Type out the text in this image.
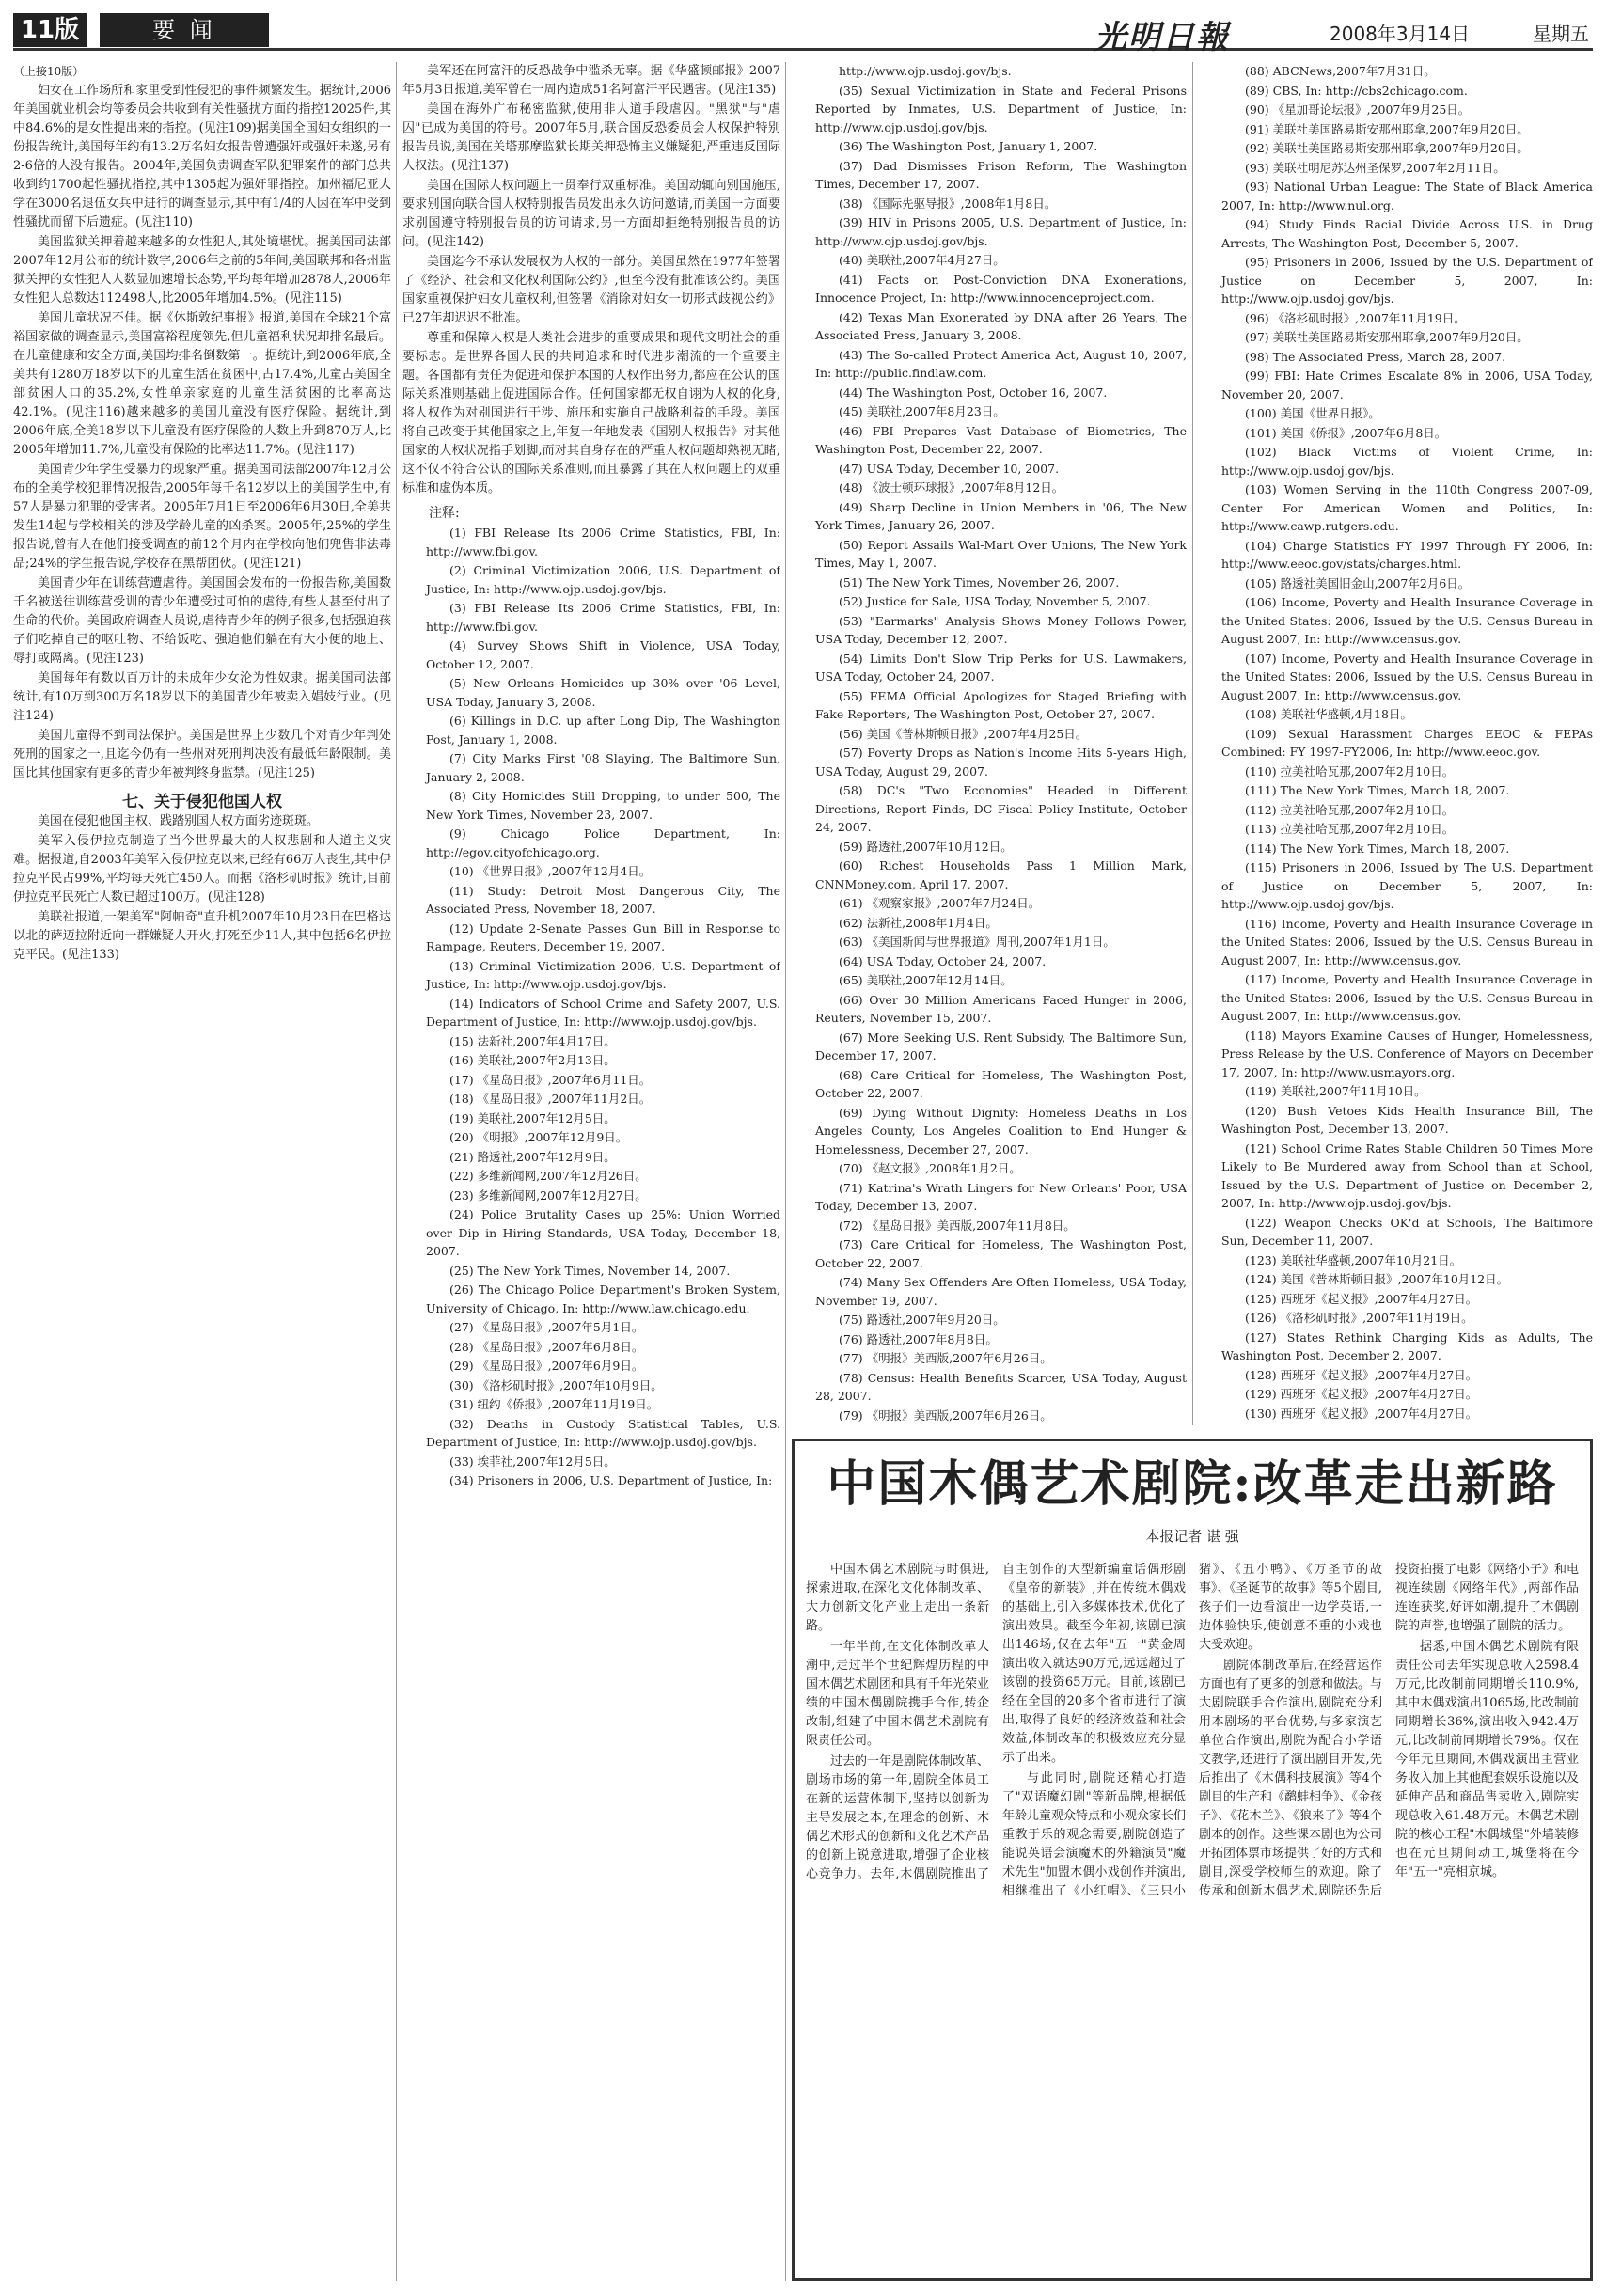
11版	要 闻	光明日報	2008年3月14日	星期五

（上接10版）

妇女在工作场所和家里受到性侵犯的事件频繁发生。据统计,2006年美国就业机会均等委员会共收到有关性骚扰方面的指控12025件,其中84.6%的是女性提出来的指控。(见注109)据美国全国妇女组织的一份报告统计,美国每年约有13.2万名妇女报告曾遭强奸或强奸未遂,另有2-6倍的人没有报告。2004年,美国负责调查军队犯罪案件的部门总共收到约1700起性骚扰指控,其中1305起为强奸罪指控。加州福尼亚大学在3000名退伍女兵中进行的调查显示,其中有1/4的人因在军中受到性骚扰而留下后遗症。(见注110)

美国监狱关押着越来越多的女性犯人,其处境堪忧。据美国司法部2007年12月公布的统计数字,2006年之前的5年间,美国联邦和各州监狱关押的女性犯人人数显加速增长态势,平均每年增加2878人,2006年女性犯人总数达112498人,比2005年增加4.5%。(见注115)

美国儿童状况不佳。据《休斯敦纪事报》报道,美国在全球21个富裕国家做的调查显示,美国富裕程度领先,但儿童福利状况却排名最后。在儿童健康和安全方面,美国均排名倒数第一。据统计,到2006年底,全美共有1280万18岁以下的儿童生活在贫困中,占17.4%,儿童占美国全部贫困人口的35.2%,女性单亲家庭的儿童生活贫困的比率高达42.1%。(见注116)越来越多的美国儿童没有医疗保险。据统计,到2006年底,全美18岁以下儿童没有医疗保险的人数上升到870万人,比2005年增加11.7%,儿童没有保险的比率达11.7%。(见注117)

美国青少年学生受暴力的现象严重。据美国司法部2007年12月公布的全美学校犯罪情况报告,2005年每千名12岁以上的美国学生中,有57人是暴力犯罪的受害者。2005年7月1日至2006年6月30日,全美共发生14起与学校相关的涉及学龄儿童的凶杀案。2005年,25%的学生报告说,曾有人在他们接受调查的前12个月内在学校向他们兜售非法毒品;24%的学生报告说,学校存在黑帮团伙。(见注121)

美国青少年在训练营遭虐待。美国国会发布的一份报告称,美国数千名被送往训练营受训的青少年遭受过可怕的虐待,有些人甚至付出了生命的代价。美国政府调查人员说,虐待青少年的例子很多,包括强迫孩子们吃掉自己的呕吐物、不给饭吃、强迫他们躺在有大小便的地上、辱打或隔离。(见注123)

美国每年有数以百万计的未成年少女沦为性奴隶。据美国司法部统计,有10万到300万名18岁以下的美国青少年被卖入娼妓行业。(见注124)

美国儿童得不到司法保护。美国是世界上少数几个对青少年判处死刑的国家之一,且迄今仍有一些州对死刑判决没有最低年龄限制。美国比其他国家有更多的青少年被判终身监禁。(见注125)

七、关于侵犯他国人权

美国在侵犯他国主权、践踏别国人权方面劣迹斑斑。

美军入侵伊拉克制造了当今世界最大的人权悲剧和人道主义灾难。据报道,自2003年美军入侵伊拉克以来,已经有66万人丧生,其中伊拉克平民占99%,平均每天死亡450人。而据《洛杉矶时报》统计,目前伊拉克平民死亡人数已超过100万。(见注128)

美联社报道,一架美军"阿帕奇"直升机2007年10月23日在巴格达以北的萨迈拉附近向一群嫌疑人开火,打死至少11人,其中包括6名伊拉克平民。(见注133)

美军还在阿富汗的反恐战争中滥杀无辜。据《华盛顿邮报》2007年5月3日报道,美军曾在一周内造成51名阿富汗平民遇害。(见注135)

美国在海外广布秘密监狱,使用非人道手段虐囚。"黑狱"与"虐囚"已成为美国的符号。2007年5月,联合国反恐委员会人权保护特别报告员说,美国在关塔那摩监狱长期关押恐怖主义嫌疑犯,严重违反国际人权法。(见注137)

美国在国际人权问题上一贯奉行双重标准。美国动辄向别国施压,要求别国向联合国人权特别报告员发出永久访问邀请,而美国一方面要求别国遵守特别报告员的访问请求,另一方面却拒绝特别报告员的访问。(见注142)

美国迄今不承认发展权为人权的一部分。美国虽然在1977年签署了《经济、社会和文化权利国际公约》,但至今没有批准该公约。美国国家重视保护妇女儿童权利,但签署《消除对妇女一切形式歧视公约》已27年却迟迟不批准。

尊重和保障人权是人类社会进步的重要成果和现代文明社会的重要标志。是世界各国人民的共同追求和时代进步潮流的一个重要主题。各国都有责任为促进和保护本国的人权作出努力,都应在公认的国际关系准则基础上促进国际合作。任何国家都无权自诩为人权的化身,将人权作为对别国进行干涉、施压和实施自己战略利益的手段。美国将自己改变于其他国家之上,年复一年地发表《国别人权报告》对其他国家的人权状况指手划脚,而对其自身存在的严重人权问题却熟视无睹,这不仅不符合公认的国际关系准则,而且暴露了其在人权问题上的双重标准和虚伪本质。

注释:

(1) FBI Release Its 2006 Crime Statistics, FBI, In: http://www.fbi.gov.

(2) Criminal Victimization 2006, U.S. Department of Justice, In: http://www.ojp.usdoj.gov/bjs.

(3) FBI Release Its 2006 Crime Statistics, FBI, In: http://www.fbi.gov.

(4) Survey Shows Shift in Violence, USA Today, October 12, 2007.

(5) New Orleans Homicides up 30% over '06 Level, USA Today, January 3, 2008.

(6) Killings in D.C. up after Long Dip, The Washington Post, January 1, 2008.

(7) City Marks First '08 Slaying, The Baltimore Sun, January 2, 2008.

(8) City Homicides Still Dropping, to under 500, The New York Times, November 23, 2007.

(9) Chicago Police Department, In: http://egov.cityofchicago.org.

(10) 《世界日报》,2007年12月4日。

(11) Study: Detroit Most Dangerous City, The Associated Press, November 18, 2007.

(12) Update 2-Senate Passes Gun Bill in Response to Rampage, Reuters, December 19, 2007.

(13) Criminal Victimization 2006, U.S. Department of Justice, In: http://www.ojp.usdoj.gov/bjs.

(14) Indicators of School Crime and Safety 2007, U.S. Department of Justice, In: http://www.ojp.usdoj.gov/bjs.

(15) 法新社,2007年4月17日。

(16) 美联社,2007年2月13日。

(17) 《星岛日报》,2007年6月11日。

(18) 《星岛日报》,2007年11月2日。

(19) 美联社,2007年12月5日。

(20) 《明报》,2007年12月9日。

(21) 路透社,2007年12月9日。

(22) 多维新闻网,2007年12月26日。

(23) 多维新闻网,2007年12月27日。

(24) Police Brutality Cases up 25%: Union Worried over Dip in Hiring Standards, USA Today, December 18, 2007.

(25) The New York Times, November 14, 2007.

(26) The Chicago Police Department's Broken System, University of Chicago, In: http://www.law.chicago.edu.

(27) 《星岛日报》,2007年5月1日。

(28) 《星岛日报》,2007年6月8日。

(29) 《星岛日报》,2007年6月9日。

(30) 《洛杉矶时报》,2007年10月9日。

(31) 纽约《侨报》,2007年11月19日。

(32) Deaths in Custody Statistical Tables, U.S. Department of Justice, In: http://www.ojp.usdoj.gov/bjs.

(33) 埃菲社,2007年12月5日。

(34) Prisoners in 2006, U.S. Department of Justice, In:

http://www.ojp.usdoj.gov/bjs.

(35) Sexual Victimization in State and Federal Prisons Reported by Inmates, U.S. Department of Justice, In: http://www.ojp.usdoj.gov/bjs.

(36) The Washington Post, January 1, 2007.

(37) Dad Dismisses Prison Reform, The Washington Times, December 17, 2007.

(38) 《国际先驱导报》,2008年1月8日。

(39) HIV in Prisons 2005, U.S. Department of Justice, In: http://www.ojp.usdoj.gov/bjs.

(40) 美联社,2007年4月27日。

(41) Facts on Post-Conviction DNA Exonerations, Innocence Project, In: http://www.innocenceproject.com.

(42) Texas Man Exonerated by DNA after 26 Years, The Associated Press, January 3, 2008.

(43) The So-called Protect America Act, August 10, 2007, In: http://public.findlaw.com.

(44) The Washington Post, October 16, 2007.

(45) 美联社,2007年8月23日。

(46) FBI Prepares Vast Database of Biometrics, The Washington Post, December 22, 2007.

(47) USA Today, December 10, 2007.

(48) 《波士顿环球报》,2007年8月12日。

(49) Sharp Decline in Union Members in '06, The New York Times, January 26, 2007.

(50) Report Assails Wal-Mart Over Unions, The New York Times, May 1, 2007.

(51) The New York Times, November 26, 2007.

(52) Justice for Sale, USA Today, November 5, 2007.

(53) "Earmarks" Analysis Shows Money Follows Power, USA Today, December 12, 2007.

(54) Limits Don't Slow Trip Perks for U.S. Lawmakers, USA Today, October 24, 2007.

(55) FEMA Official Apologizes for Staged Briefing with Fake Reporters, The Washington Post, October 27, 2007.

(56) 美国《普林斯顿日报》,2007年4月25日。

(57) Poverty Drops as Nation's Income Hits 5-years High, USA Today, August 29, 2007.

(58) DC's "Two Economies" Headed in Different Directions, Report Finds, DC Fiscal Policy Institute, October 24, 2007.

(59) 路透社,2007年10月12日。

(60) Richest Households Pass 1 Million Mark, CNNMoney.com, April 17, 2007.

(61) 《观察家报》,2007年7月24日。

(62) 法新社,2008年1月4日。

(63) 《美国新闻与世界报道》周刊,2007年1月1日。

(64) USA Today, October 24, 2007.

(65) 美联社,2007年12月14日。

(66) Over 30 Million Americans Faced Hunger in 2006, Reuters, November 15, 2007.

(67) More Seeking U.S. Rent Subsidy, The Baltimore Sun, December 17, 2007.

(68) Care Critical for Homeless, The Washington Post, October 22, 2007.

(69) Dying Without Dignity: Homeless Deaths in Los Angeles County, Los Angeles Coalition to End Hunger & Homelessness, December 27, 2007.

(70) 《赵文报》,2008年1月2日。

(71) Katrina's Wrath Lingers for New Orleans' Poor, USA Today, December 13, 2007.

(72) 《星岛日报》美西版,2007年11月8日。

(73) Care Critical for Homeless, The Washington Post, October 22, 2007.

(74) Many Sex Offenders Are Often Homeless, USA Today, November 19, 2007.

(75) 路透社,2007年9月20日。

(76) 路透社,2007年8月8日。

(77) 《明报》美西版,2007年6月26日。

(78) Census: Health Benefits Scarcer, USA Today, August 28, 2007.

(79) 《明报》美西版,2007年6月26日。

(88) ABCNews,2007年7月31日。

(89) CBS, In: http://cbs2chicago.com.

(90) 《星加哥论坛报》,2007年9月25日。

(91) 美联社美国路易斯安那州耶拿,2007年9月20日。

(92) 美联社美国路易斯安那州耶拿,2007年9月20日。

(93) 美联社明尼苏达州圣保罗,2007年2月11日。

(93) National Urban League: The State of Black America 2007, In: http://www.nul.org.

(94) Study Finds Racial Divide Across U.S. in Drug Arrests, The Washington Post, December 5, 2007.

(95) Prisoners in 2006, Issued by the U.S. Department of Justice on December 5, 2007, In: http://www.ojp.usdoj.gov/bjs.

(96) 《洛杉矶时报》,2007年11月19日。

(97) 美联社美国路易斯安那州耶拿,2007年9月20日。

(98) The Associated Press, March 28, 2007.

(99) FBI: Hate Crimes Escalate 8% in 2006, USA Today, November 20, 2007.

(100) 美国《世界日报》。

(101) 美国《侨报》,2007年6月8日。

(102) Black Victims of Violent Crime, In: http://www.ojp.usdoj.gov/bjs.

(103) Women Serving in the 110th Congress 2007-09, Center For American Women and Politics, In: http://www.cawp.rutgers.edu.

(104) Charge Statistics FY 1997 Through FY 2006, In: http://www.eeoc.gov/stats/charges.html.

(105) 路透社美国旧金山,2007年2月6日。

(106) Income, Poverty and Health Insurance Coverage in the United States: 2006, Issued by the U.S. Census Bureau in August 2007, In: http://www.census.gov.

(107) Income, Poverty and Health Insurance Coverage in the United States: 2006, Issued by the U.S. Census Bureau in August 2007, In: http://www.census.gov.

(108) 美联社华盛顿,4月18日。

(109) Sexual Harassment Charges EEOC & FEPAs Combined: FY 1997-FY2006, In: http://www.eeoc.gov.

(110) 拉美社哈瓦那,2007年2月10日。

(111) The New York Times, March 18, 2007.

(112) 拉美社哈瓦那,2007年2月10日。

(113) 拉美社哈瓦那,2007年2月10日。

(114) The New York Times, March 18, 2007.

(115) Prisoners in 2006, Issued by The U.S. Department of Justice on December 5, 2007, In: http://www.ojp.usdoj.gov/bjs.

(116) Income, Poverty and Health Insurance Coverage in the United States: 2006, Issued by the U.S. Census Bureau in August 2007, In: http://www.census.gov.

(117) Income, Poverty and Health Insurance Coverage in the United States: 2006, Issued by the U.S. Census Bureau in August 2007, In: http://www.census.gov.

(118) Mayors Examine Causes of Hunger, Homelessness, Press Release by the U.S. Conference of Mayors on December 17, 2007, In: http://www.usmayors.org.

(119) 美联社,2007年11月10日。

(120) Bush Vetoes Kids Health Insurance Bill, The Washington Post, December 13, 2007.

(121) School Crime Rates Stable Children 50 Times More Likely to Be Murdered away from School than at School, Issued by the U.S. Department of Justice on December 2, 2007, In: http://www.ojp.usdoj.gov/bjs.

(122) Weapon Checks OK'd at Schools, The Baltimore Sun, December 11, 2007.

(123) 美联社华盛顿,2007年10月21日。

(124) 美国《普林斯顿日报》,2007年10月12日。

(125) 西班牙《起义报》,2007年4月27日。

(126) 《洛杉矶时报》,2007年11月19日。

(127) States Rethink Charging Kids as Adults, The Washington Post, December 2, 2007.

(128) 西班牙《起义报》,2007年4月27日。

(129) 西班牙《起义报》,2007年4月27日。

(130) 西班牙《起义报》,2007年4月27日。

中国木偶艺术剧院:改革走出新路
本报记者 谌 强

中国木偶艺术剧院与时俱进,探索进取,在深化文化体制改革、大力创新文化产业上走出一条新路。

一年半前,在文化体制改革大潮中,走过半个世纪辉煌历程的中国木偶艺术剧团和具有千年光荣业绩的中国木偶剧院携手合作,转企改制,组建了中国木偶艺术剧院有限责任公司。

过去的一年是剧院体制改革、剧场市场的第一年,剧院全体员工在新的运营体制下,坚持以创新为主导发展之本,在理念的创新、木偶艺术形式的创新和文化艺术产品的创新上锐意进取,增强了企业核心竞争力。去年,木偶剧院推出了自主创作的大型新编童话偶形剧《皇帝的新装》,并在传统木偶戏的基础上,引入多媒体技术,优化了演出效果。截至今年初,该剧已演出146场,仅在去年"五一"黄金周演出收入就达90万元,远远超过了该剧的投资65万元。目前,该剧已经在全国的20多个省市进行了演出,取得了良好的经济效益和社会效益,体制改革的积极效应充分显示了出来。

与此同时,剧院还精心打造了"双语魔幻剧"等新品牌,根据低年龄儿童观众特点和小观众家长们重教于乐的观念需要,剧院创造了能说英语会演魔术的外籍演员"魔术先生"加盟木偶小戏创作并演出,相继推出了《小红帽》、《三只小猪》、《丑小鸭》、《万圣节的故事》、《圣诞节的故事》等5个剧目,孩子们一边看演出一边学英语,一边体验快乐,使创意不重的小戏也大受欢迎。

剧院体制改革后,在经营运作方面也有了更多的创意和做法。与大剧院联手合作演出,剧院充分利用本剧场的平台优势,与多家演艺单位合作演出,剧院为配合小学语文教学,还进行了演出剧目开发,先后推出了《木偶科技展演》等4个剧目的生产和《鹬蚌相争》、《金孩子》、《花木兰》、《狼来了》等4个剧本的创作。这些课本剧也为公司开拓团体票市场提供了好的方式和剧目,深受学校师生的欢迎。除了传承和创新木偶艺术,剧院还先后投资拍摄了电影《网络小子》和电视连续剧《网络年代》,两部作品连连获奖,好评如潮,提升了木偶剧院的声誉,也增强了剧院的活力。

据悉,中国木偶艺术剧院有限责任公司去年实现总收入2598.4万元,比改制前同期增长110.9%,其中木偶戏演出1065场,比改制前同期增长36%,演出收入942.4万元,比改制前同期增长79%。仅在今年元旦期间,木偶戏演出主营业务收入加上其他配套娱乐设施以及延伸产品和商品售卖收入,剧院实现总收入61.48万元。木偶艺术剧院的核心工程"木偶城堡"外墙装修也在元旦期间动工,城堡将在今年"五一"亮相京城。
